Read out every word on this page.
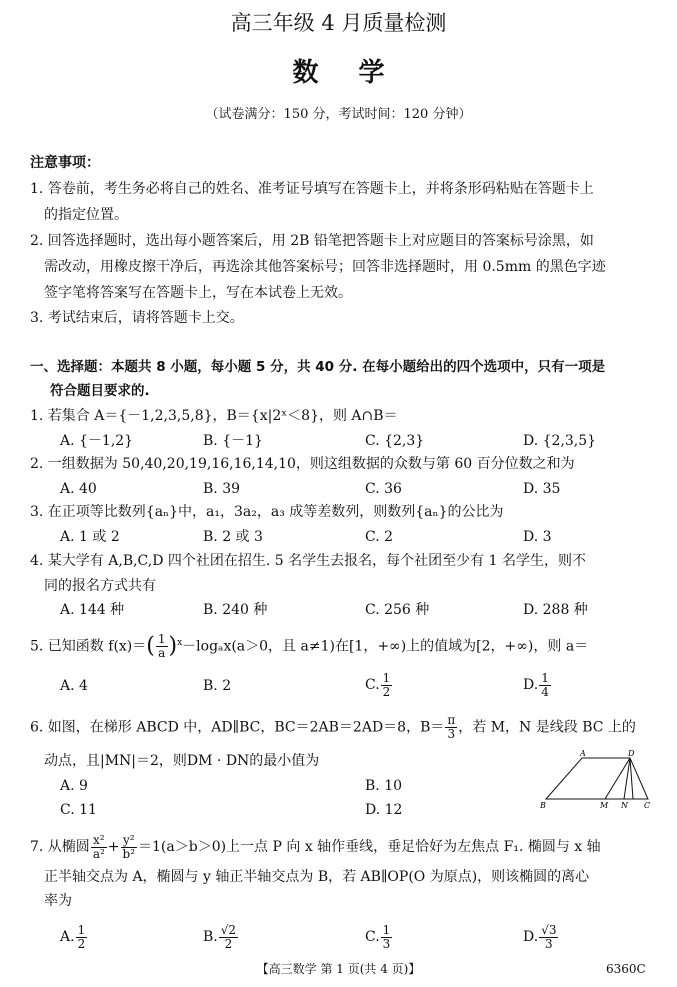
高三年级 4 月质量检测
数学
（试卷满分：150 分，考试时间：120 分钟）
注意事项：
1. 答卷前，考生务必将自己的姓名、准考证号填写在答题卡上，并将条形码粘贴在答题卡上
的指定位置。
2. 回答选择题时，选出每小题答案后，用 2B 铅笔把答题卡上对应题目的答案标号涂黑，如
需改动，用橡皮擦干净后，再选涂其他答案标号；回答非选择题时，用 0.5mm 的黑色字迹
签字笔将答案写在答题卡上，写在本试卷上无效。
3. 考试结束后，请将答题卡上交。
一、选择题：本题共 8 小题，每小题 5 分，共 40 分. 在每小题给出的四个选项中，只有一项是
符合题目要求的.
1. 若集合 A＝{－1,2,3,5,8}，B＝{x|2ˣ＜8}，则 A∩B＝
A. {－1,2}	B. {－1}	C. {2,3}	D. {2,3,5}
2. 一组数据为 50,40,20,19,16,16,14,10，则这组数据的众数与第 60 百分位数之和为
A. 40	B. 39	C. 36	D. 35
3. 在正项等比数列{aₙ}中，a₁，3a₂，a₃ 成等差数列，则数列{aₙ}的公比为
A. 1 或 2	B. 2 或 3	C. 2	D. 3
4. 某大学有 A,B,C,D 四个社团在招生. 5 名学生去报名，每个社团至少有 1 名学生，则不
同的报名方式共有
A. 144 种	B. 240 种	C. 256 种	D. 288 种
5. 已知函数 $f(x)=( \frac{1}{a} )^x-\log_ax(a>0$，且 a≠1)在[1，+∞)上的值域为[2，+∞)，则 a＝
A. 4	B. 2	C. $\frac{1}{2}$	D. $\frac{1}{4}$
6. 如图，在梯形 ABCD 中，AD∥BC，BC＝2AB＝2AD＝8，$B= \frac{\pi}{3}$ ，若 M，N 是线段 BC 上的
动点，且|MN|＝2，则DM · DN的最小值为
A. 9	B. 10
C. 11	D. 12
A	D
B	M N C
7. 从椭圆 $\frac{\text{x²}}{\text{a²}} + \frac{\text{y²}}{\text{b²}} =1(a>b>0)$上一点 P 向 x 轴作垂线，垂足恰好为左焦点 F₁. 椭圆与 x 轴
正半轴交点为 A，椭圆与 y 轴正半轴交点为 B，若 AB∥OP(O 为原点)，则该椭圆的离心
率为
A. $\frac{1}{2}$	B. $\frac{√2}{2}$	C. $\frac{1}{3}$	D. $\frac{√3}{3}$
【高三数学 第 1 页(共 4 页)】	6360C
